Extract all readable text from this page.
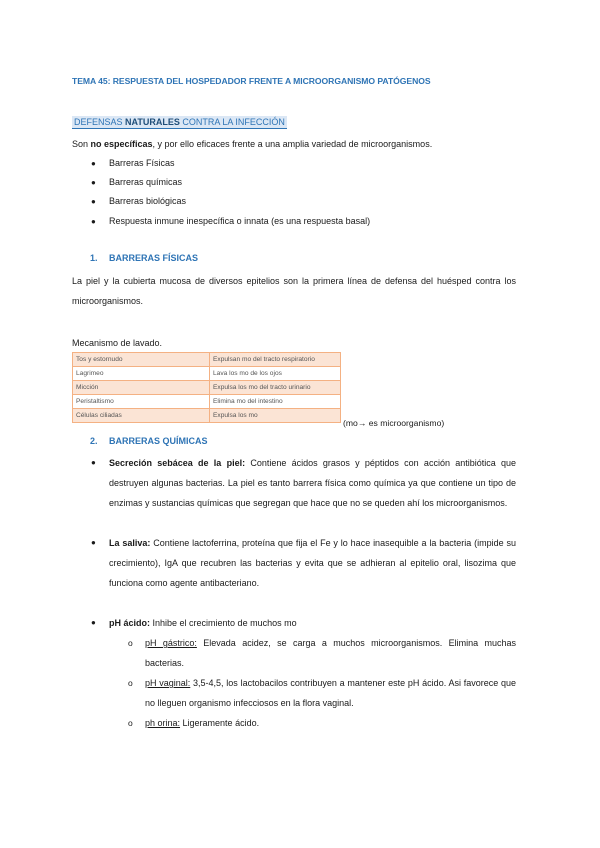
TEMA 45: RESPUESTA DEL HOSPEDADOR FRENTE A MICROORGANISMO PATÓGENOS
DEFENSAS NATURALES CONTRA LA INFECCIÓN
Son no específicas, y por ello eficaces frente a una amplia variedad de microorganismos.
● Barreras Físicas
● Barreras químicas
● Barreras biológicas
● Respuesta inmune inespecífica o innata (es una respuesta basal)
1. BARRERAS FÍSICAS
La piel y la cubierta mucosa de diversos epitelios son la primera línea de defensa del huésped contra los
microorganismos.
Mecanismo de lavado.
Tos y estornudo	Expulsan mo del tracto respiratorio
Lagrimeo	Lava los mo de los ojos
Micción	Expulsa los mo del tracto urinario
Peristaltismo	Elimina mo del intestino
Células ciliadas	Expulsa los mo
(mo→ es microorganismo)
2. BARRERAS QUÍMICAS
● Secreción sebácea de la piel: Contiene ácidos grasos y péptidos con acción antibiótica que
destruyen algunas bacterias. La piel es tanto barrera física como química ya que contiene un tipo de
enzimas y sustancias químicas que segregan que hace que no se queden ahí los microorganismos.
● La saliva: Contiene lactoferrina, proteína que fija el Fe y lo hace inasequible a la bacteria (impide su
crecimiento), IgA que recubren las bacterias y evita que se adhieran al epitelio oral, lisozima que
funciona como agente antibacteriano.
● pH ácido: Inhibe el crecimiento de muchos mo
o pH gástrico: Elevada acidez, se carga a muchos microorganismos. Elimina muchas
bacterias.
o pH vaginal: 3,5-4,5, los lactobacilos contribuyen a mantener este pH ácido. Asi favorece que
no lleguen organismo infecciosos en la flora vaginal.
o ph orina: Ligeramente ácido.
